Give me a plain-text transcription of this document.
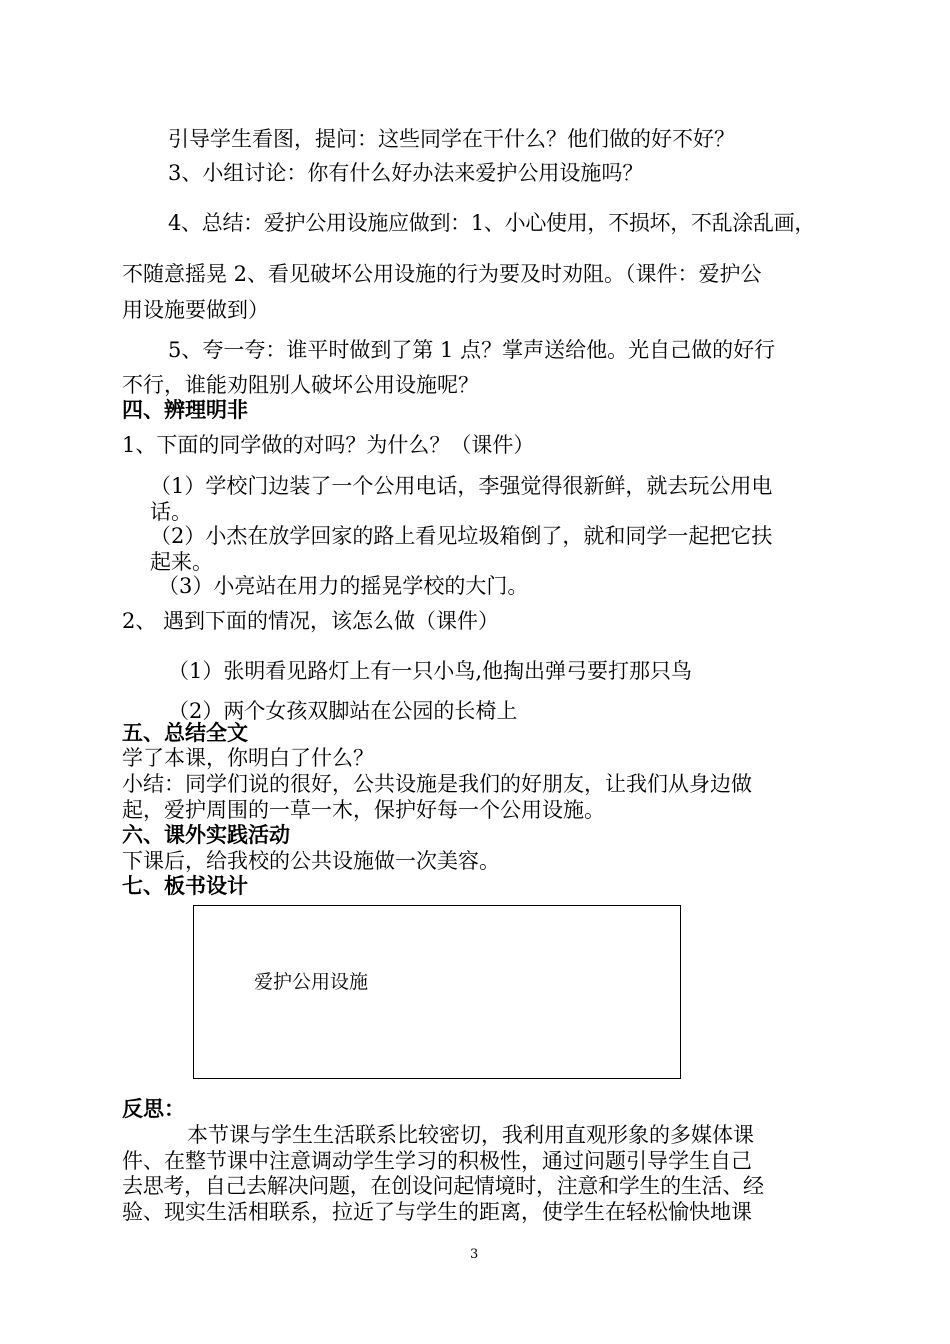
引导学生看图，提问：这些同学在干什么？他们做的好不好？
3、小组讨论：你有什么好办法来爱护公用设施吗？
4、总结：爱护公用设施应做到：1、小心使用，不损坏，不乱涂乱画，
不随意摇晃 2、看见破坏公用设施的行为要及时劝阻。（课件：爱护公
用设施要做到）
5、夸一夸：谁平时做到了第 1 点？掌声送给他。光自己做的好行
不行，谁能劝阻别人破坏公用设施呢？
四、辨理明非
1、下面的同学做的对吗？为什么？（课件）
（1）学校门边装了一个公用电话，李强觉得很新鲜，就去玩公用电
话。
（2）小杰在放学回家的路上看见垃圾箱倒了，就和同学一起把它扶
起来。
（3）小亮站在用力的摇晃学校的大门。
2、 遇到下面的情况，该怎么做（课件）
（1）张明看见路灯上有一只小鸟,他掏出弹弓要打那只鸟
（2）两个女孩双脚站在公园的长椅上
五、总结全文
学了本课，你明白了什么？
小结：同学们说的很好，公共设施是我们的好朋友，让我们从身边做
起，爱护周围的一草一木，保护好每一个公用设施。
六、课外实践活动
下课后，给我校的公共设施做一次美容。
七、板书设计
爱护公用设施
反思：
本节课与学生生活联系比较密切，我利用直观形象的多媒体课
件、在整节课中注意调动学生学习的积极性，通过问题引导学生自己
去思考，自己去解决问题，在创设问起情境时，注意和学生的生活、经
验、现实生活相联系，拉近了与学生的距离，使学生在轻松愉快地课
3
